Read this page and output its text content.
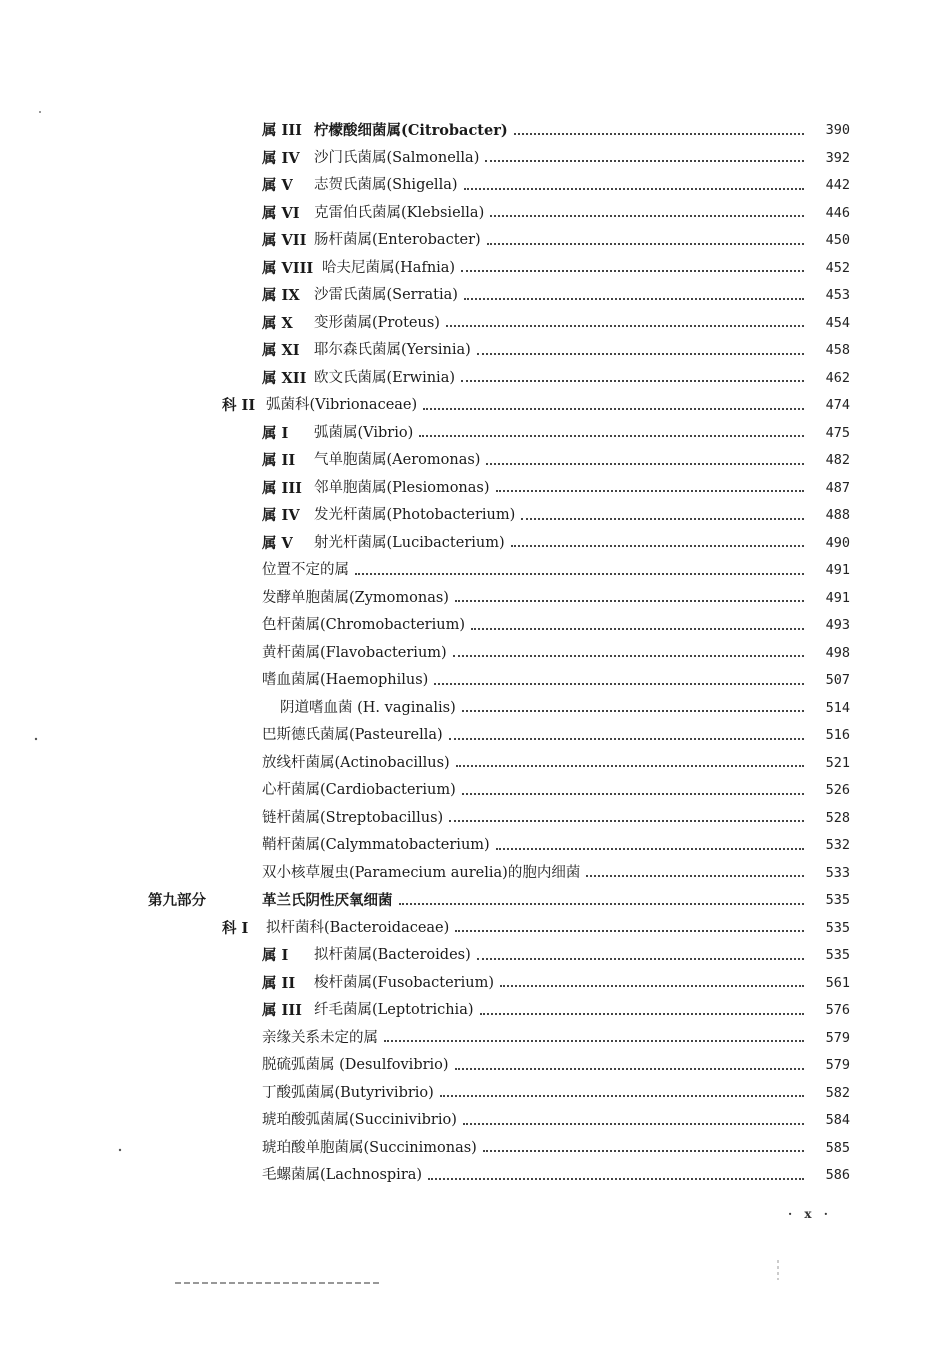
属 III 柠檬酸细菌属(Citrobacter)	390
属 IV 沙门氏菌属(Salmonella)	392
属 V	志贺氏菌属(Shigella)	442
属 VI 克雷伯氏菌属(Klebsiella)	446
属 VII 肠杆菌属(Enterobacter)	450
属 VIII 哈夫尼菌属(Hafnia)	452
属 IX 沙雷氏菌属(Serratia)	453
属 X	变形菌属(Proteus)	454
属 XI 耶尔森氏菌属(Yersinia)	458
属 XII 欧文氏菌属(Erwinia)	462
科 II 弧菌科(Vibrionaceae)	474
属 I	弧菌属(Vibrio)	475
属 II	气单胞菌属(Aeromonas)	482
属 III 邻单胞菌属(Plesiomonas)	487
属 IV 发光杆菌属(Photobacterium)	488
属 V	射光杆菌属(Lucibacterium)	490
位置不定的属	491
发酵单胞菌属(Zymomonas)	491
色杆菌属(Chromobacterium)	493
黄杆菌属(Flavobacterium)	498
嗜血菌属(Haemophilus)	507
阴道嗜血菌 (H. vaginalis)	514
巴斯德氏菌属(Pasteurella)	516
放线杆菌属(Actinobacillus)	521
心杆菌属(Cardiobacterium)	526
链杆菌属(Streptobacillus)	528
鞘杆菌属(Calymmatobacterium)	532
双小核草履虫(Paramecium aurelia)的胞内细菌	533
第九部分	革兰氏阴性厌氧细菌	535
科 I	拟杆菌科(Bacteroidaceae)	535
属 I	拟杆菌属(Bacteroides)	535
属 II	梭杆菌属(Fusobacterium)	561
属 III 纤毛菌属(Leptotrichia)	576
亲缘关系未定的属	579
脱硫弧菌属 (Desulfovibrio)	579
丁酸弧菌属(Butyrivibrio)	582
琥珀酸弧菌属(Succinivibrio)	584
琥珀酸单胞菌属(Succinimonas)	585
毛螺菌属(Lachnospira)	586
· x ·
